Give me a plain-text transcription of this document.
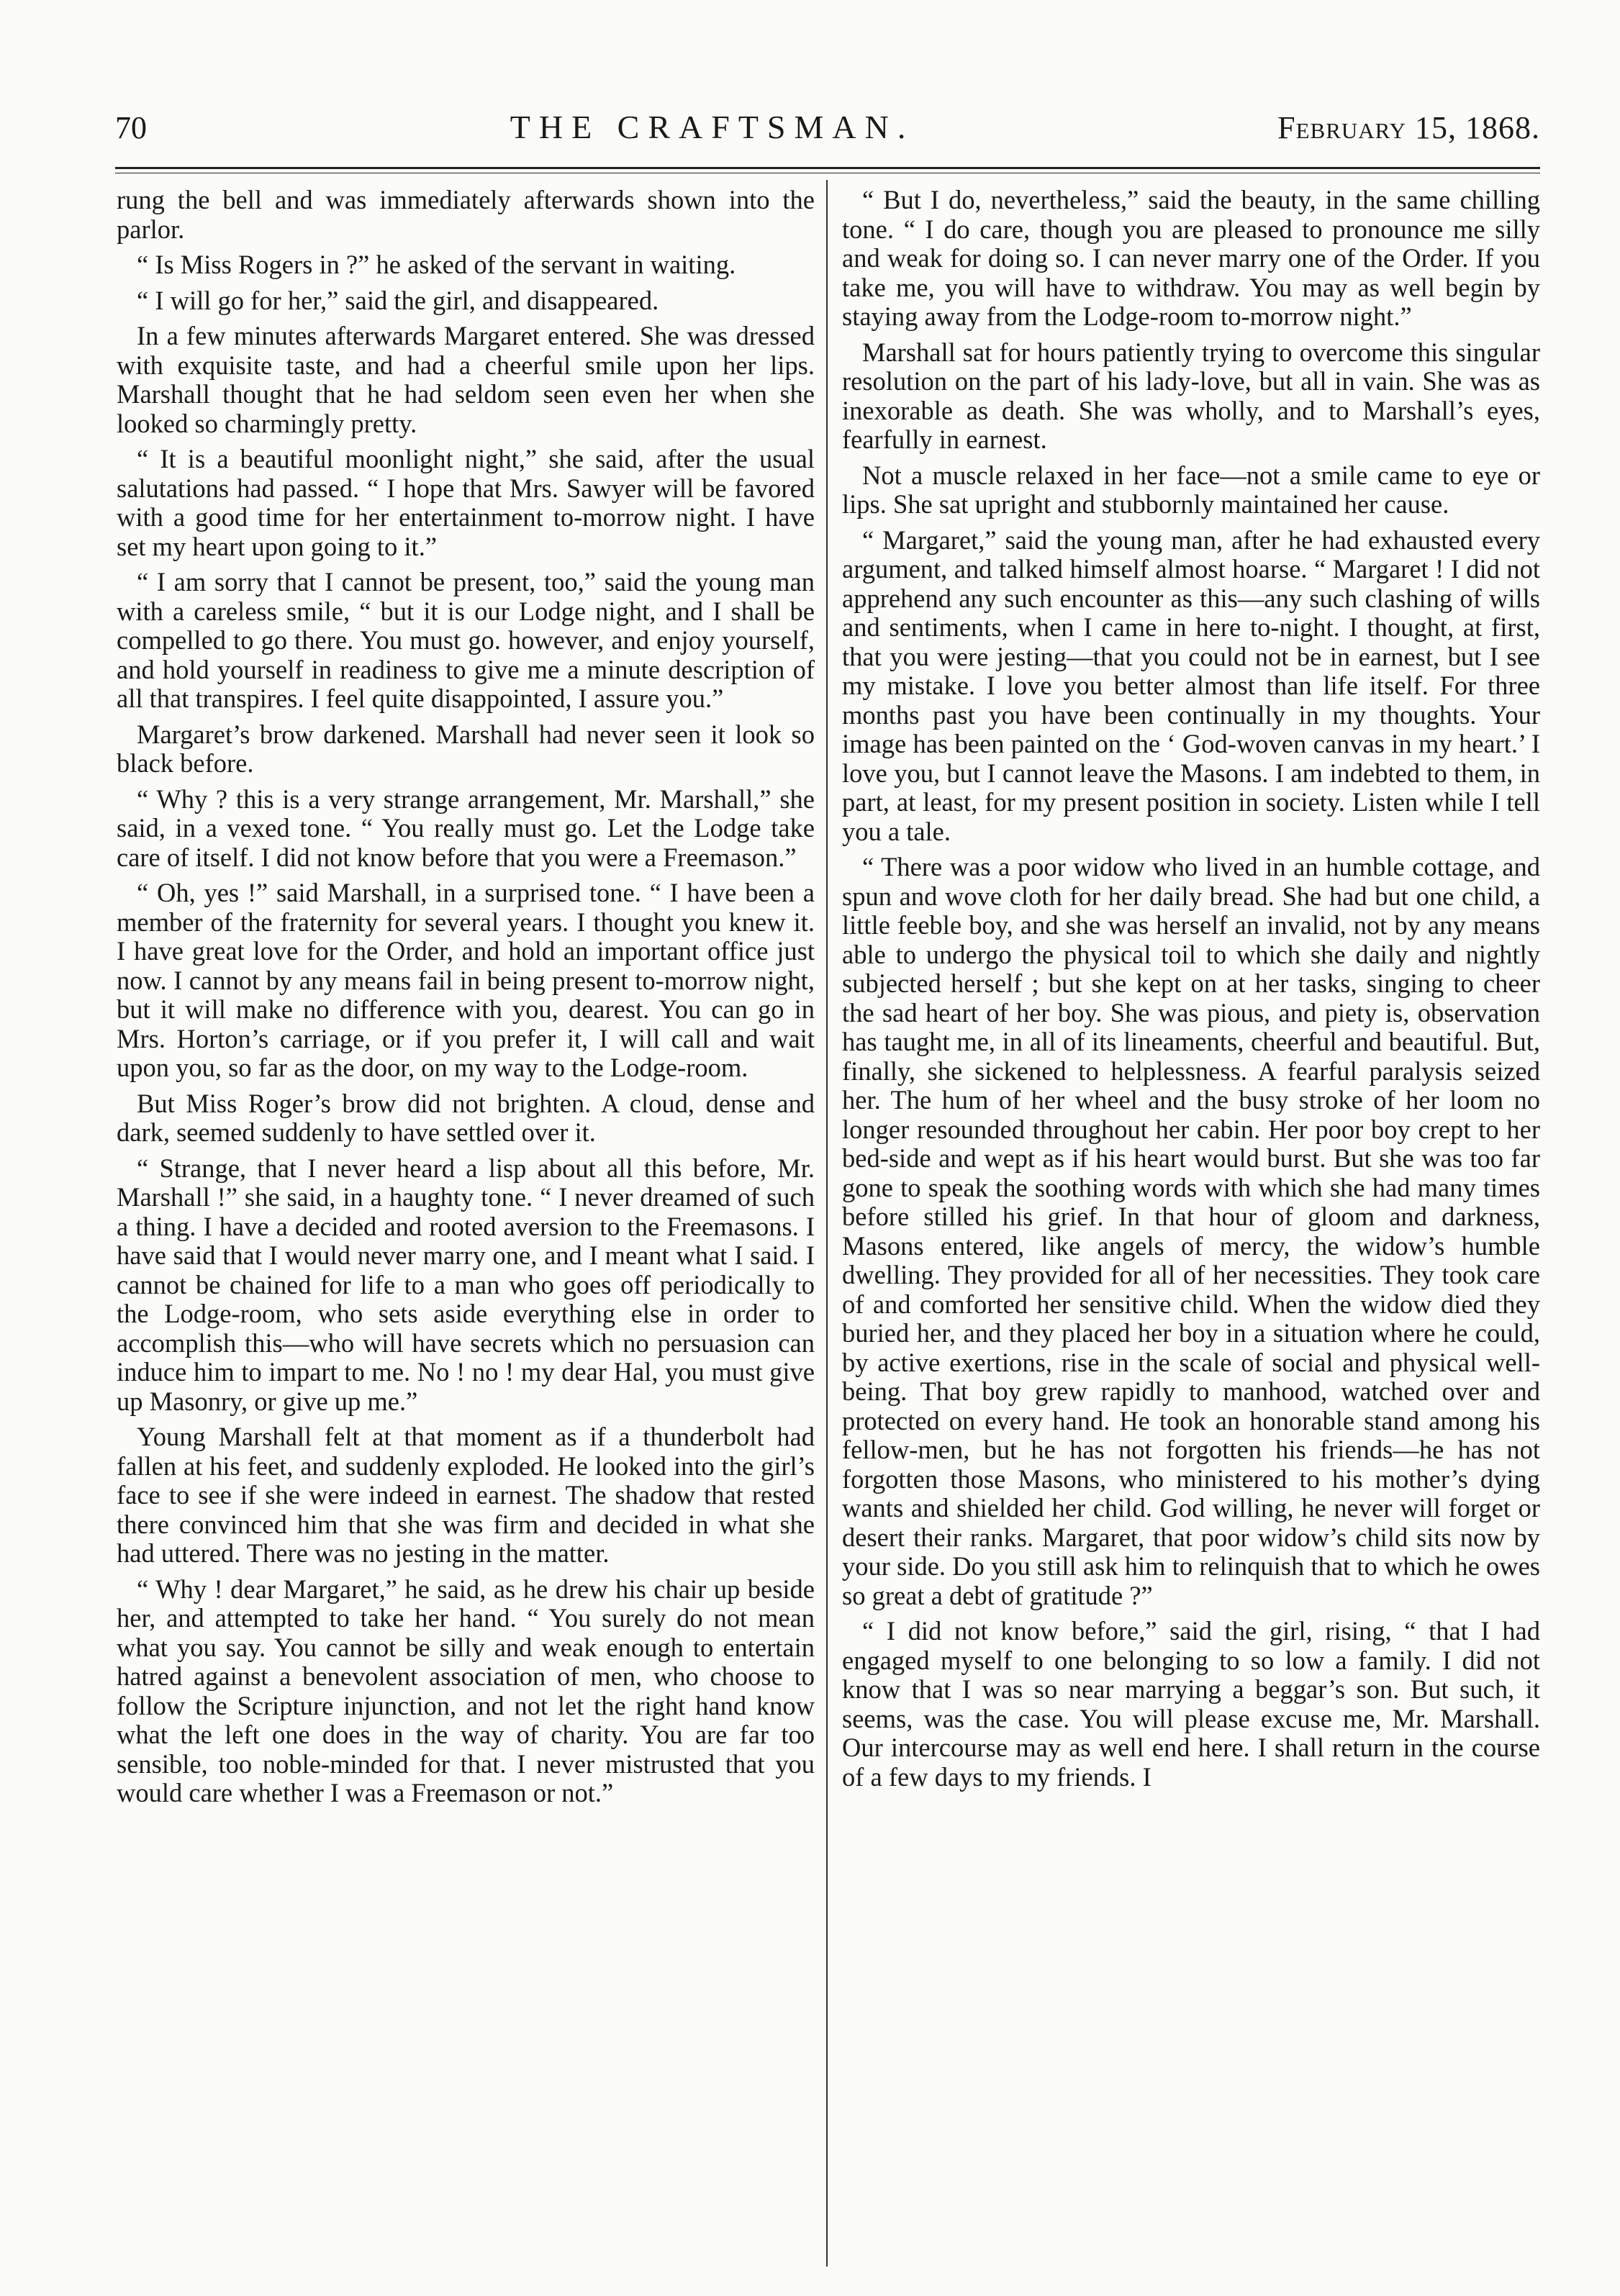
70	THE CRAFTSMAN.	February 15, 1868.

rung the bell and was immediately afterwards shown into the parlor.

“ Is Miss Rogers in ?” he asked of the servant in waiting.

“ I will go for her,” said the girl, and disappeared.

In a few minutes afterwards Margaret entered. She was dressed with exquisite taste, and had a cheerful smile upon her lips. Marshall thought that he had seldom seen even her when she looked so charmingly pretty.

“ It is a beautiful moonlight night,” she said, after the usual salutations had passed. “ I hope that Mrs. Sawyer will be favored with a good time for her entertainment to-morrow night. I have set my heart upon going to it.”

“ I am sorry that I cannot be present, too,” said the young man with a careless smile, “ but it is our Lodge night, and I shall be compelled to go there. You must go. however, and enjoy yourself, and hold yourself in readiness to give me a minute description of all that transpires. I feel quite disappointed, I assure you.”

Margaret’s brow darkened. Marshall had never seen it look so black before.

“ Why ? this is a very strange arrangement, Mr. Marshall,” she said, in a vexed tone. “ You really must go. Let the Lodge take care of itself. I did not know before that you were a Freemason.”

“ Oh, yes !” said Marshall, in a surprised tone. “ I have been a member of the fraternity for several years. I thought you knew it. I have great love for the Order, and hold an important office just now. I cannot by any means fail in being present to-morrow night, but it will make no difference with you, dearest. You can go in Mrs. Horton’s carriage, or if you prefer it, I will call and wait upon you, so far as the door, on my way to the Lodge-room.

But Miss Roger’s brow did not brighten. A cloud, dense and dark, seemed suddenly to have settled over it.

“ Strange, that I never heard a lisp about all this before, Mr. Marshall !” she said, in a haughty tone. “ I never dreamed of such a thing. I have a decided and rooted aversion to the Freemasons. I have said that I would never marry one, and I meant what I said. I cannot be chained for life to a man who goes off periodically to the Lodge-room, who sets aside everything else in order to accomplish this—who will have secrets which no persuasion can induce him to impart to me. No ! no ! my dear Hal, you must give up Masonry, or give up me.”

Young Marshall felt at that moment as if a thunderbolt had fallen at his feet, and suddenly exploded. He looked into the girl’s face to see if she were indeed in earnest. The shadow that rested there convinced him that she was firm and decided in what she had uttered. There was no jesting in the matter.

“ Why ! dear Margaret,” he said, as he drew his chair up beside her, and attempted to take her hand. “ You surely do not mean what you say. You cannot be silly and weak enough to entertain hatred against a benevolent association of men, who choose to follow the Scripture injunction, and not let the right hand know what the left one does in the way of charity. You are far too sensible, too noble-minded for that. I never mistrusted that you would care whether I was a Freemason or not.”

“ But I do, nevertheless,” said the beauty, in the same chilling tone. “ I do care, though you are pleased to pronounce me silly and weak for doing so. I can never marry one of the Order. If you take me, you will have to withdraw. You may as well begin by staying away from the Lodge-room to-morrow night.”

Marshall sat for hours patiently trying to overcome this singular resolution on the part of his lady-love, but all in vain. She was as inexorable as death. She was wholly, and to Marshall’s eyes, fearfully in earnest.

Not a muscle relaxed in her face—not a smile came to eye or lips. She sat upright and stubbornly maintained her cause.

“ Margaret,” said the young man, after he had exhausted every argument, and talked himself almost hoarse. “ Margaret ! I did not apprehend any such encounter as this—any such clashing of wills and sentiments, when I came in here to-night. I thought, at first, that you were jesting—that you could not be in earnest, but I see my mistake. I love you better almost than life itself. For three months past you have been continually in my thoughts. Your image has been painted on the ‘ God-woven canvas in my heart.’ I love you, but I cannot leave the Masons. I am indebted to them, in part, at least, for my present position in society. Listen while I tell you a tale.

“ There was a poor widow who lived in an humble cottage, and spun and wove cloth for her daily bread. She had but one child, a little feeble boy, and she was herself an invalid, not by any means able to undergo the physical toil to which she daily and nightly subjected herself ; but she kept on at her tasks, singing to cheer the sad heart of her boy. She was pious, and piety is, observation has taught me, in all of its lineaments, cheerful and beautiful. But, finally, she sickened to helplessness. A fearful paralysis seized her. The hum of her wheel and the busy stroke of her loom no longer resounded throughout her cabin. Her poor boy crept to her bed-side and wept as if his heart would burst. But she was too far gone to speak the soothing words with which she had many times before stilled his grief. In that hour of gloom and darkness, Masons entered, like angels of mercy, the widow’s humble dwelling. They provided for all of her necessities. They took care of and comforted her sensitive child. When the widow died they buried her, and they placed her boy in a situation where he could, by active exertions, rise in the scale of social and physical well-being. That boy grew rapidly to manhood, watched over and protected on every hand. He took an honorable stand among his fellow-men, but he has not forgotten his friends—he has not forgotten those Masons, who ministered to his mother’s dying wants and shielded her child. God willing, he never will forget or desert their ranks. Margaret, that poor widow’s child sits now by your side. Do you still ask him to relinquish that to which he owes so great a debt of gratitude ?”

“ I did not know before,” said the girl, rising, “ that I had engaged myself to one belonging to so low a family. I did not know that I was so near marrying a beggar’s son. But such, it seems, was the case. You will please excuse me, Mr. Marshall. Our intercourse may as well end here. I shall return in the course of a few days to my friends. I
